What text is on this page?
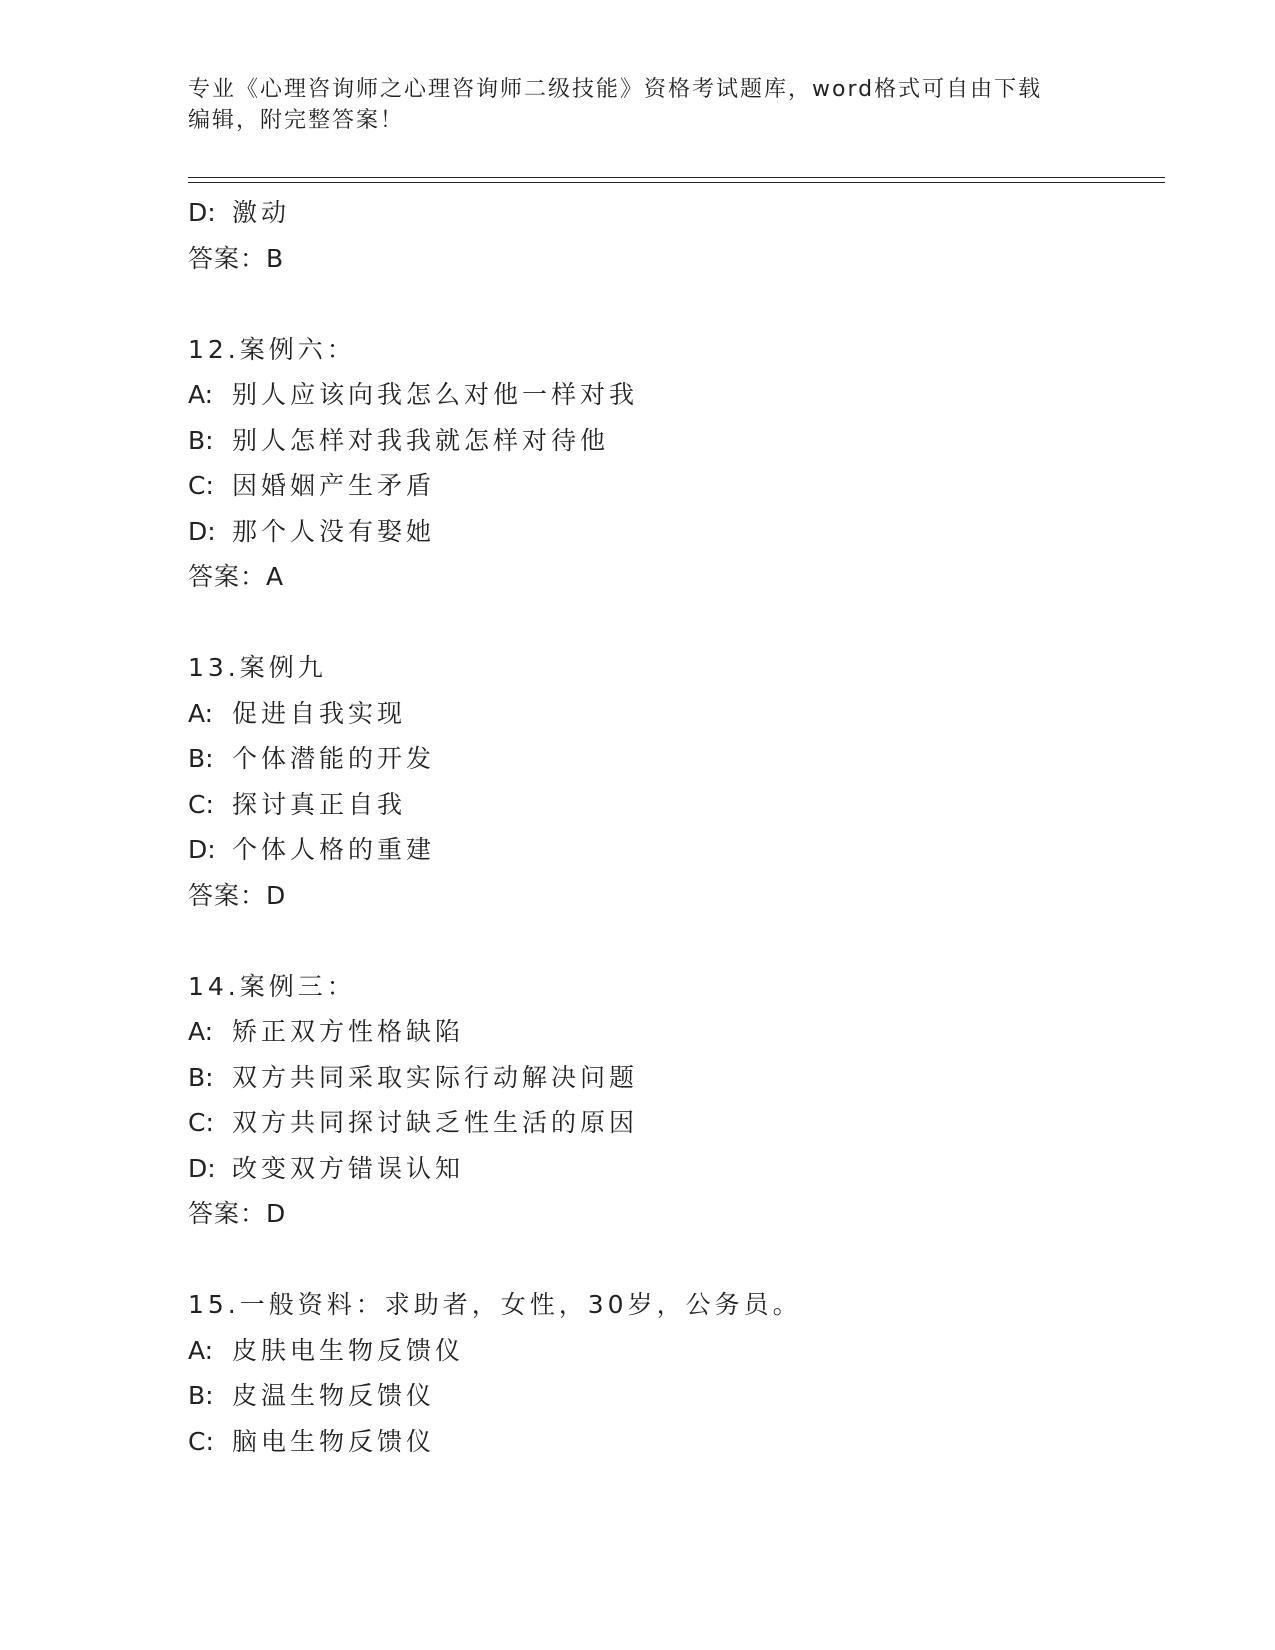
专业《心理咨询师之心理咨询师二级技能》资格考试题库，word格式可自由下载
编辑，附完整答案！
D: 激动
答案：B
12.案例六：
A: 别人应该向我怎么对他一样对我
B: 别人怎样对我我就怎样对待他
C: 因婚姻产生矛盾
D: 那个人没有娶她
答案：A
13.案例九
A: 促进自我实现
B: 个体潜能的开发
C: 探讨真正自我
D: 个体人格的重建
答案：D
14.案例三：
A: 矫正双方性格缺陷
B: 双方共同采取实际行动解决问题
C: 双方共同探讨缺乏性生活的原因
D: 改变双方错误认知
答案：D
15.一般资料：求助者，女性，30岁，公务员。
A: 皮肤电生物反馈仪
B: 皮温生物反馈仪
C: 脑电生物反馈仪
